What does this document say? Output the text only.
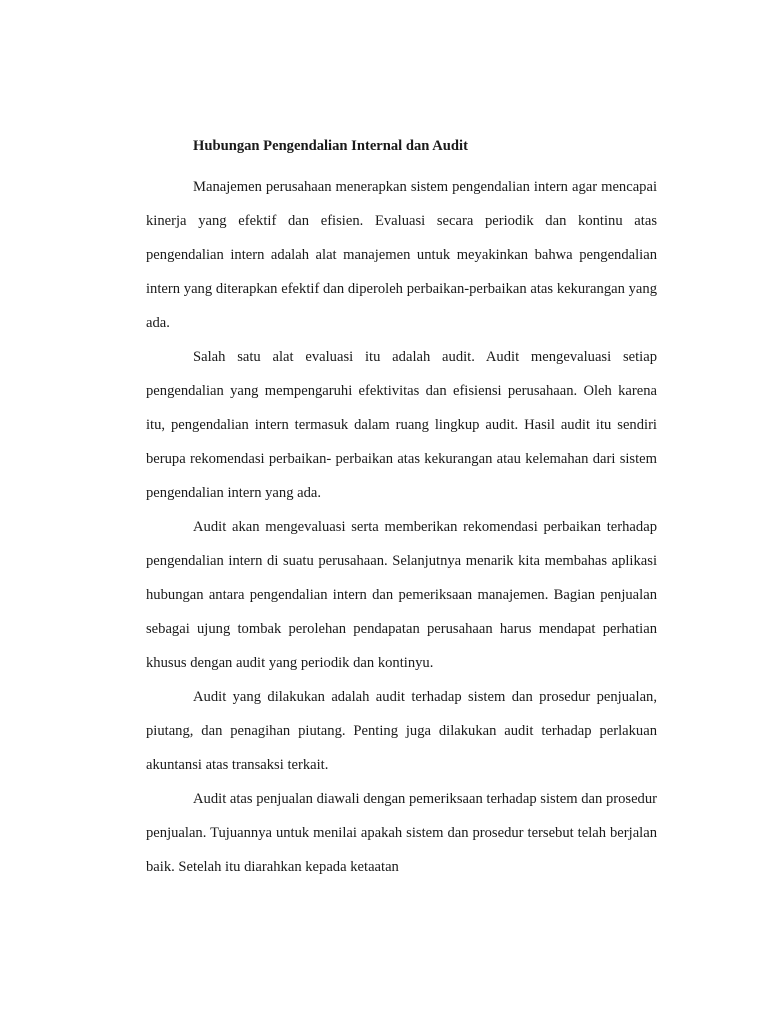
Hubungan Pengendalian Internal dan Audit

Manajemen perusahaan menerapkan sistem pengendalian intern agar mencapai kinerja yang efektif dan efisien. Evaluasi secara periodik dan kontinu atas pengendalian intern adalah alat manajemen untuk meyakinkan bahwa pengendalian intern yang diterapkan efektif dan diperoleh perbaikan-perbaikan atas kekurangan yang ada.

Salah satu alat evaluasi itu adalah audit. Audit mengevaluasi setiap pengendalian yang mempengaruhi efektivitas dan efisiensi perusahaan. Oleh karena itu, pengendalian intern termasuk dalam ruang lingkup audit. Hasil audit itu sendiri berupa rekomendasi perbaikan- perbaikan atas kekurangan atau kelemahan dari sistem pengendalian intern yang ada.

Audit akan mengevaluasi serta memberikan rekomendasi perbaikan terhadap pengendalian intern di suatu perusahaan. Selanjutnya menarik kita membahas aplikasi hubungan antara pengendalian intern dan pemeriksaan manajemen. Bagian penjualan sebagai ujung tombak perolehan pendapatan perusahaan harus mendapat perhatian khusus dengan audit yang periodik dan kontinyu.

Audit yang dilakukan adalah audit terhadap sistem dan prosedur penjualan, piutang, dan penagihan piutang. Penting juga dilakukan audit terhadap perlakuan akuntansi atas transaksi terkait.

Audit atas penjualan diawali dengan pemeriksaan terhadap sistem dan prosedur penjualan. Tujuannya untuk menilai apakah sistem dan prosedur tersebut telah berjalan baik. Setelah itu diarahkan kepada ketaatan
